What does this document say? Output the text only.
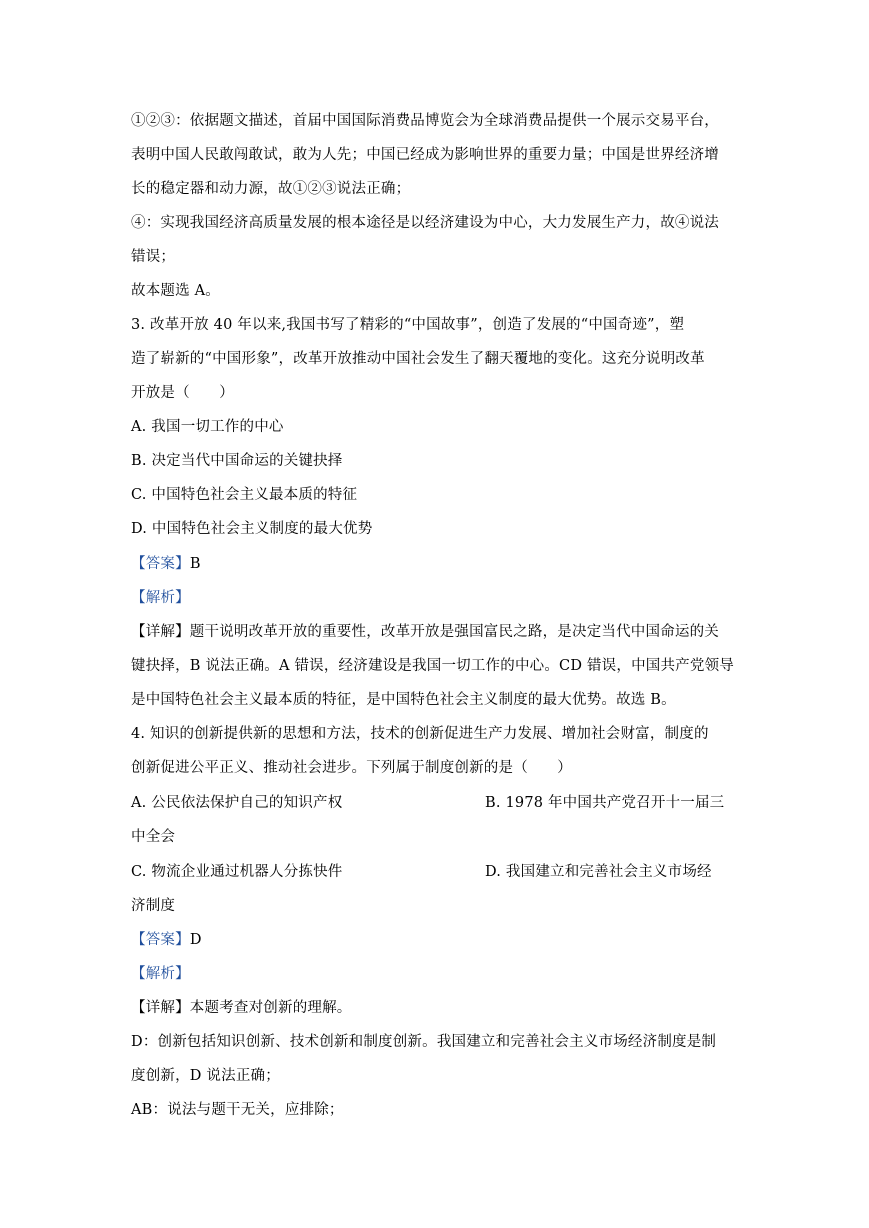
①②③：依据题文描述，首届中国国际消费品博览会为全球消费品提供一个展示交易平台，
表明中国人民敢闯敢试，敢为人先；中国已经成为影响世界的重要力量；中国是世界经济增
长的稳定器和动力源，故①②③说法正确；
④：实现我国经济高质量发展的根本途径是以经济建设为中心，大力发展生产力，故④说法
错误；
故本题选 A。
3. 改革开放 40 年以来,我国书写了精彩的“中国故事”，创造了发展的“中国奇迹”，塑
造了崭新的“中国形象”，改革开放推动中国社会发生了翻天覆地的变化。这充分说明改革
开放是（　　）
A. 我国一切工作的中心
B. 决定当代中国命运的关键抉择
C. 中国特色社会主义最本质的特征
D. 中国特色社会主义制度的最大优势
【答案】B
【解析】
【详解】题干说明改革开放的重要性，改革开放是强国富民之路，是决定当代中国命运的关
键抉择，B 说法正确。A 错误，经济建设是我国一切工作的中心。CD 错误，中国共产党领导
是中国特色社会主义最本质的特征，是中国特色社会主义制度的最大优势。故选 B。
4. 知识的创新提供新的思想和方法，技术的创新促进生产力发展、增加社会财富，制度的
创新促进公平正义、推动社会进步。下列属于制度创新的是（　　）
A. 公民依法保护自己的知识产权	B. 1978 年中国共产党召开十一届三
中全会
C. 物流企业通过机器人分拣快件	D. 我国建立和完善社会主义市场经
济制度
【答案】D
【解析】
【详解】本题考查对创新的理解。
D：创新包括知识创新、技术创新和制度创新。我国建立和完善社会主义市场经济制度是制
度创新，D 说法正确；
AB：说法与题干无关，应排除；
